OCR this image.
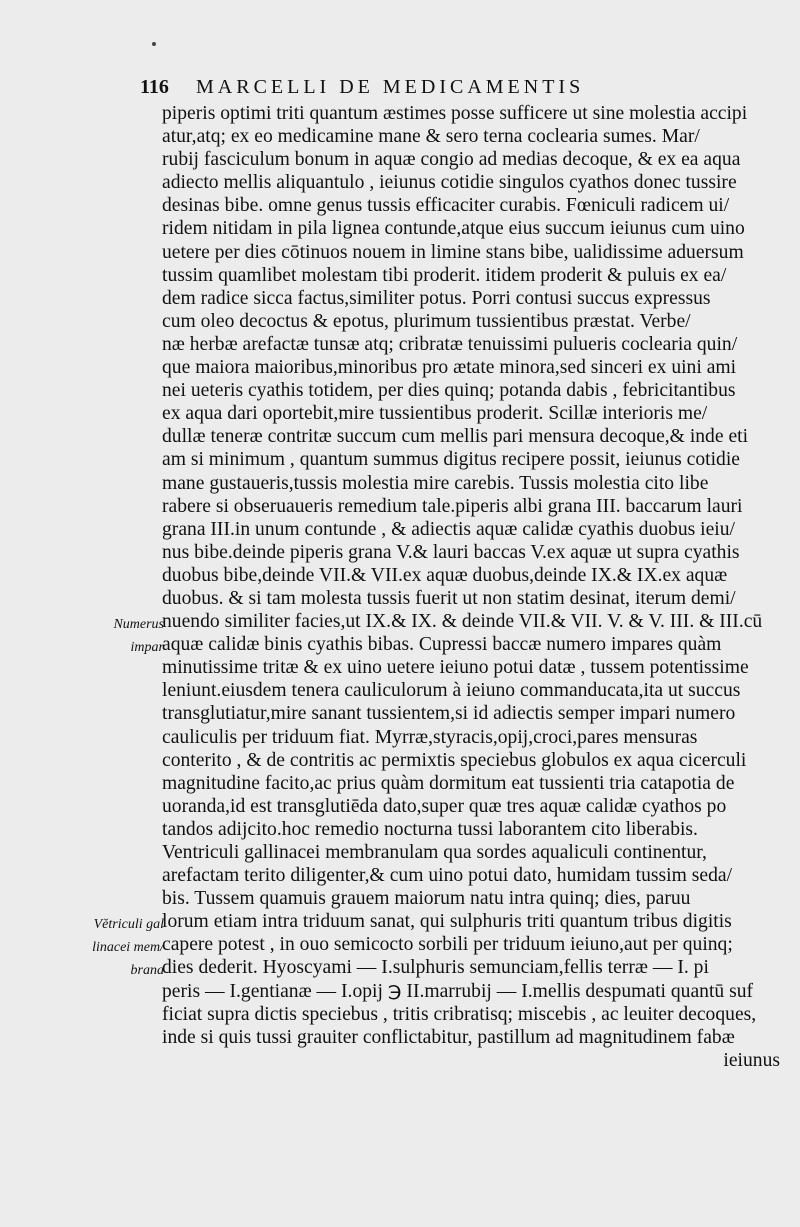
116 MARCELLI DE MEDICAMENTIS
Numerus
impar
Vĕtriculi gal
linacei mem/
brana
piperis optimi triti quantum æstimes posse sufficere ut sine molestia accipi
atur,atq; ex eo medicamine mane & sero terna coclearia sumes. Mar/
rubij fasciculum bonum in aquæ congio ad medias decoque, & ex ea aqua
adiecto mellis aliquantulo , ieiunus cotidie singulos cyathos donec tussire
desinas bibe. omne genus tussis efficaciter curabis. Fœniculi radicem ui/
ridem nitidam in pila lignea contunde,atque eius succum ieiunus cum uino
uetere per dies cōtinuos nouem in limine stans bibe, ualidissime aduersum
tussim quamlibet molestam tibi proderit. itidem proderit & puluis ex ea/
dem radice sicca factus,similiter potus. Porri contusi succus expressus
cum oleo decoctus & epotus, plurimum tussientibus præstat. Verbe/
næ herbæ arefactæ tunsæ atq; cribratæ tenuissimi pulueris coclearia quin/
que maiora maioribus,minoribus pro ætate minora,sed sinceri ex uini ami
nei ueteris cyathis totidem, per dies quinq; potanda dabis , febricitantibus
ex aqua dari oportebit,mire tussientibus proderit. Scillæ interioris me/
dullæ teneræ contritæ succum cum mellis pari mensura decoque,& inde eti
am si minimum , quantum summus digitus recipere possit, ieiunus cotidie
mane gustaueris,tussis molestia mire carebis. Tussis molestia cito libe
rabere si obseruaueris remedium tale.piperis albi grana III. baccarum lauri
grana III.in unum contunde , & adiectis aquæ calidæ cyathis duobus ieiu/
nus bibe.deinde piperis grana V.& lauri baccas V.ex aquæ ut supra cyathis
duobus bibe,deinde VII.& VII.ex aquæ duobus,deinde IX.& IX.ex aquæ
duobus. & si tam molesta tussis fuerit ut non statim desinat, iterum demi/
nuendo similiter facies,ut IX.& IX. & deinde VII.& VII. V. & V. III. & III.cū
aquæ calidæ binis cyathis bibas. Cupressi baccæ numero impares quàm
minutissime tritæ & ex uino uetere ieiuno potui datæ , tussem potentissime
leniunt.eiusdem tenera cauliculorum à ieiuno commanducata,ita ut succus
transglutiatur,mire sanant tussientem,si id adiectis semper impari numero
cauliculis per triduum fiat. Myrræ,styracis,opij,croci,pares mensuras
conterito , & de contritis ac permixtis speciebus globulos ex aqua cicerculi
magnitudine facito,ac prius quàm dormitum eat tussienti tria catapotia de
uoranda,id est transglutiēda dato,super quæ tres aquæ calidæ cyathos po
tandos adijcito.hoc remedio nocturna tussi laborantem cito liberabis.
Ventriculi gallinacei membranulam qua sordes aqualiculi continentur,
arefactam terito diligenter,& cum uino potui dato, humidam tussim seda/
bis. Tussem quamuis grauem maiorum natu intra quinq; dies, paruu
lorum etiam intra triduum sanat, qui sulphuris triti quantum tribus digitis
capere potest , in ouo semicocto sorbili per triduum ieiuno,aut per quinq;
dies dederit. Hyoscyami — I.sulphuris semunciam,fellis terræ — I. pi
peris — I.gentianæ — I.opij ℈ II.marrubij — I.mellis despumati quantū suf
ficiat supra dictis speciebus , tritis cribratisq; miscebis , ac leuiter decoques,
inde si quis tussi grauiter conflictabitur, pastillum ad magnitudinem fabæ
ieiunus
